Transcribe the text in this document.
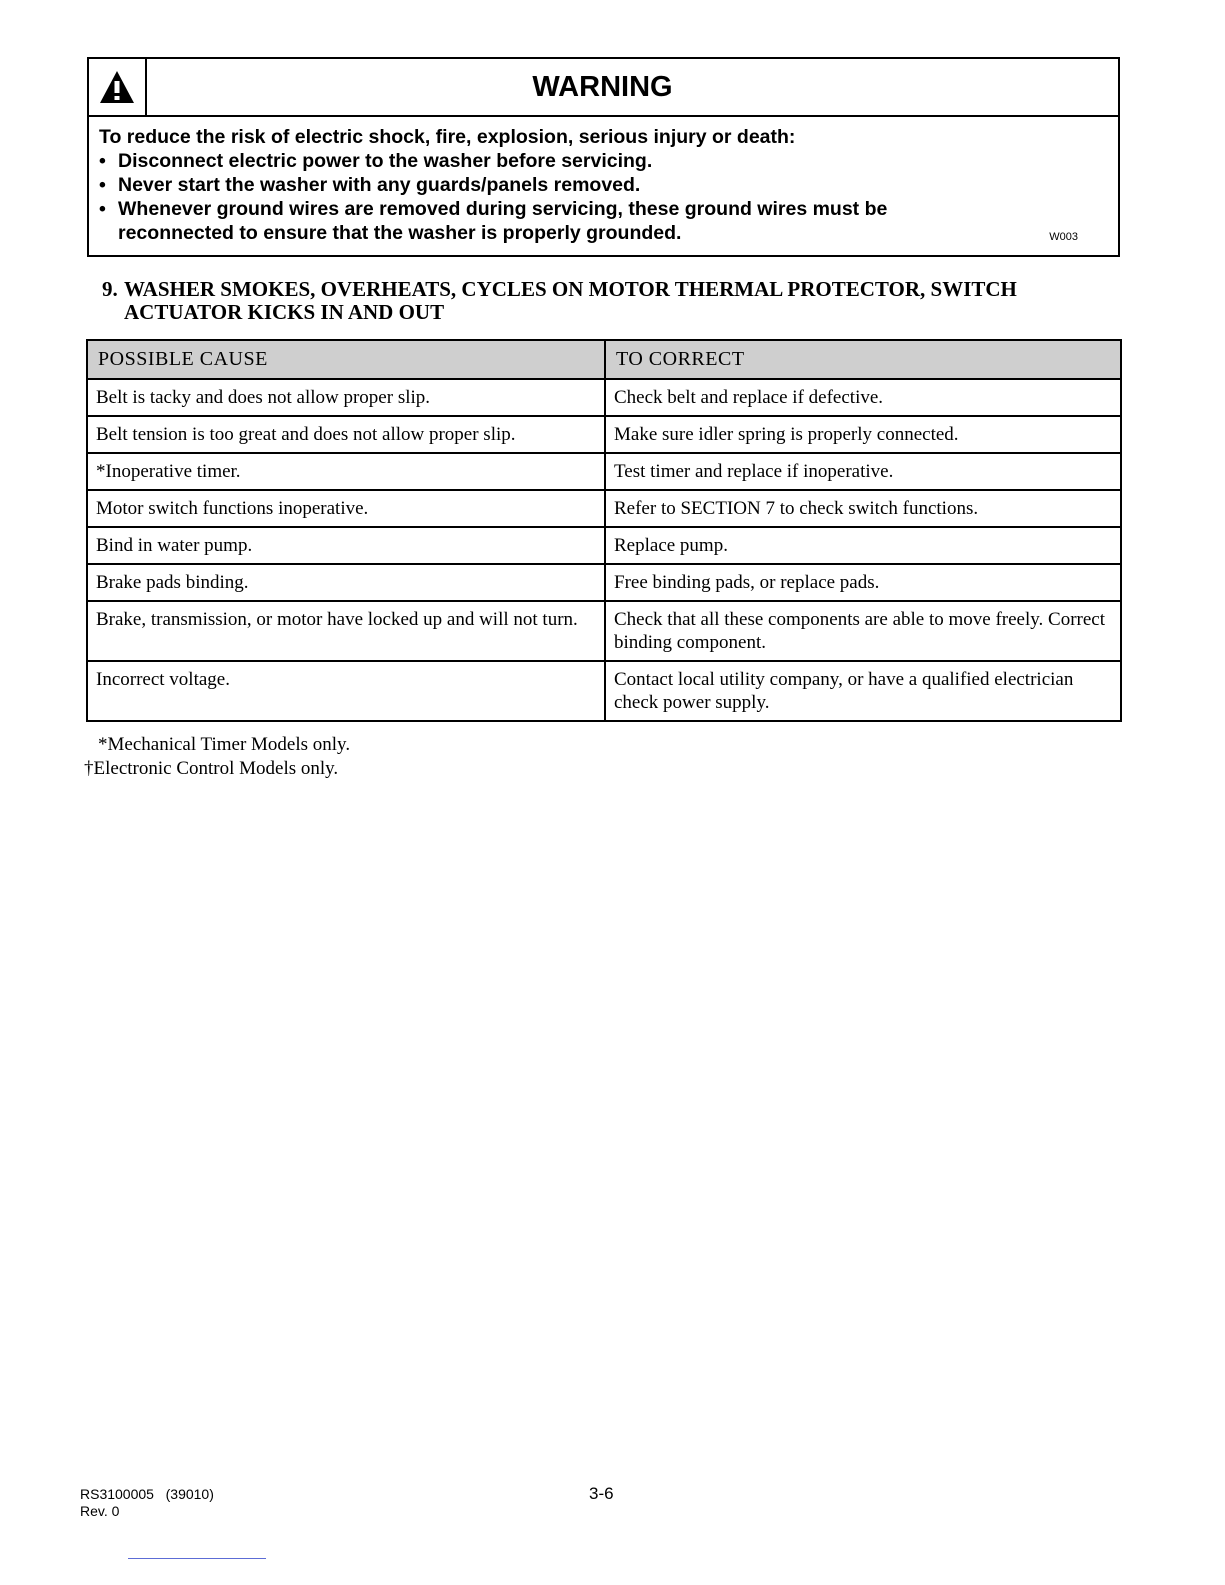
WARNING
To reduce the risk of electric shock, fire, explosion, serious injury or death:
• Disconnect electric power to the washer before servicing.
• Never start the washer with any guards/panels removed.
• Whenever ground wires are removed during servicing, these ground wires must be reconnected to ensure that the washer is properly grounded.	W003
9. WASHER SMOKES, OVERHEATS, CYCLES ON MOTOR THERMAL PROTECTOR, SWITCH ACTUATOR KICKS IN AND OUT
POSSIBLE CAUSE	TO CORRECT
Belt is tacky and does not allow proper slip.	Check belt and replace if defective.
Belt tension is too great and does not allow proper slip.	Make sure idler spring is properly connected.
*Inoperative timer.	Test timer and replace if inoperative.
Motor switch functions inoperative.	Refer to SECTION 7 to check switch functions.
Bind in water pump.	Replace pump.
Brake pads binding.	Free binding pads, or replace pads.
Brake, transmission, or motor have locked up and will not turn.	Check that all these components are able to move freely. Correct binding component.
Incorrect voltage.	Contact local utility company, or have a qualified electrician check power supply.
*Mechanical Timer Models only.
†Electronic Control Models only.
RS3100005 (39010)
Rev. 0
3-6
